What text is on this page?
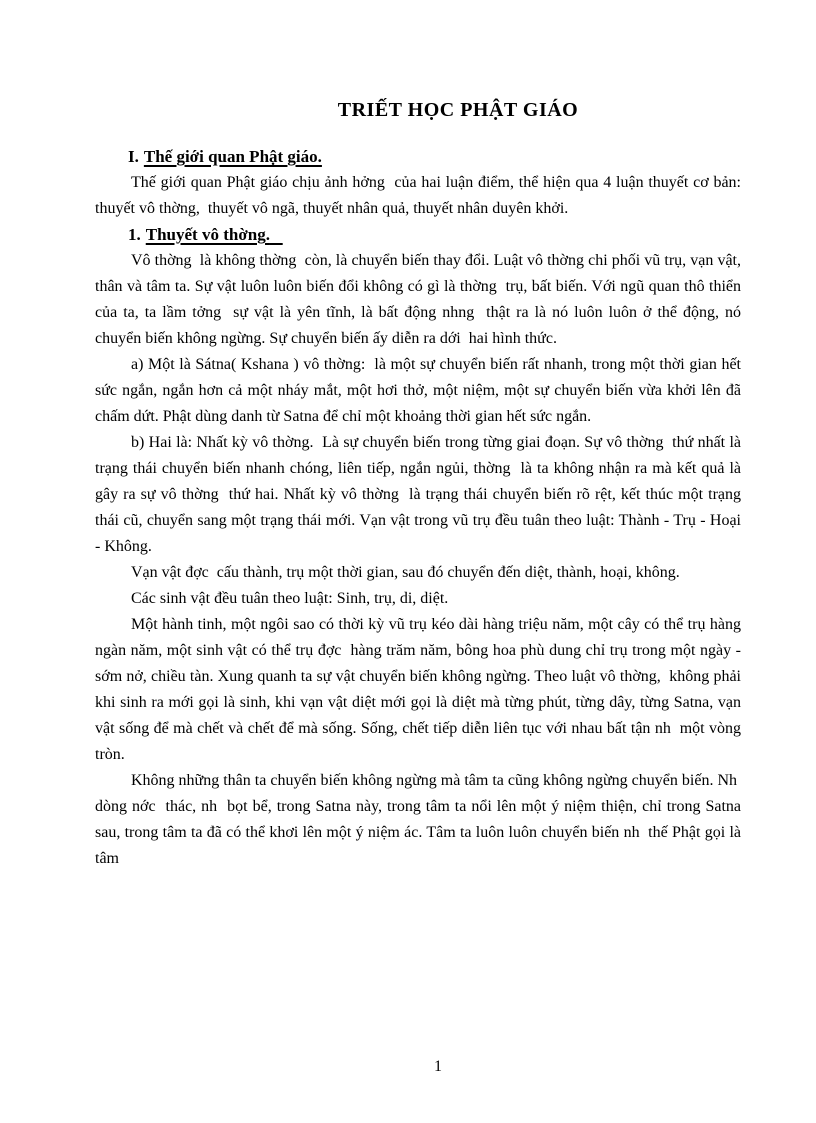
TRIẾT HỌC PHẬT GIÁO

I. Thế giới quan Phật giáo.

Thế giới quan Phật giáo chịu ảnh hởng  của hai luận điểm, thể hiện qua 4 luận thuyết cơ bản: thuyết vô thờng,  thuyết vô ngã, thuyết nhân quả, thuyết nhân duyên khởi.

1. Thuyết vô thờng.

Vô thờng  là không thờng  còn, là chuyển biến thay đổi. Luật vô thờng chi phối vũ trụ, vạn vật, thân và tâm ta. Sự vật luôn luôn biến đổi không có gì là thờng  trụ, bất biến. Với ngũ quan thô thiển của ta, ta lầm tởng  sự vật là yên tĩnh, là bất động nhng  thật ra là nó luôn luôn ở thể động, nó chuyển biến không ngừng. Sự chuyển biến ấy diễn ra dới  hai hình thức.

a) Một là Sátna( Kshana ) vô thờng:  là một sự chuyển biến rất nhanh, trong một thời gian hết sức ngắn, ngắn hơn cả một nháy mắt, một hơi thở, một niệm, một sự chuyển biến vừa khởi lên đã chấm dứt. Phật dùng danh từ Satna để chỉ một khoảng thời gian hết sức ngắn.

b) Hai là: Nhất kỳ vô thờng.  Là sự chuyển biến trong từng giai đoạn. Sự vô thờng  thứ nhất là trạng thái chuyển biến nhanh chóng, liên tiếp, ngắn ngủi, thờng  là ta không nhận ra mà kết quả là gây ra sự vô thờng  thứ hai. Nhất kỳ vô thờng  là trạng thái chuyển biến rõ rệt, kết thúc một trạng thái cũ, chuyển sang một trạng thái mới. Vạn vật trong vũ trụ đều tuân theo luật: Thành - Trụ - Hoại - Không.

Vạn vật đợc  cấu thành, trụ một thời gian, sau đó chuyển đến diệt, thành, hoại, không.

Các sinh vật đều tuân theo luật: Sinh, trụ, di, diệt.

Một hành tinh, một ngôi sao có thời kỳ vũ trụ kéo dài hàng triệu năm, một cây có thể trụ hàng ngàn năm, một sinh vật có thể trụ đợc  hàng trăm năm, bông hoa phù dung chỉ trụ trong một ngày - sớm nở, chiều tàn. Xung quanh ta sự vật chuyển biến không ngừng. Theo luật vô thờng,  không phải khi sinh ra mới gọi là sinh, khi vạn vật diệt mới gọi là diệt mà từng phút, từng dây, từng Satna, vạn vật sống để mà chết và chết để mà sống. Sống, chết tiếp diễn liên tục với nhau bất tận nh  một vòng tròn.

Không những thân ta chuyển biến không ngừng mà tâm ta cũng không ngừng chuyển biến. Nh  dòng nớc  thác, nh  bọt bể, trong Satna này, trong tâm ta nổi lên một ý niệm thiện, chỉ trong Satna sau, trong tâm ta đã có thể khơi lên một ý niệm ác. Tâm ta luôn luôn chuyển biến nh  thế Phật gọi là tâm

1
